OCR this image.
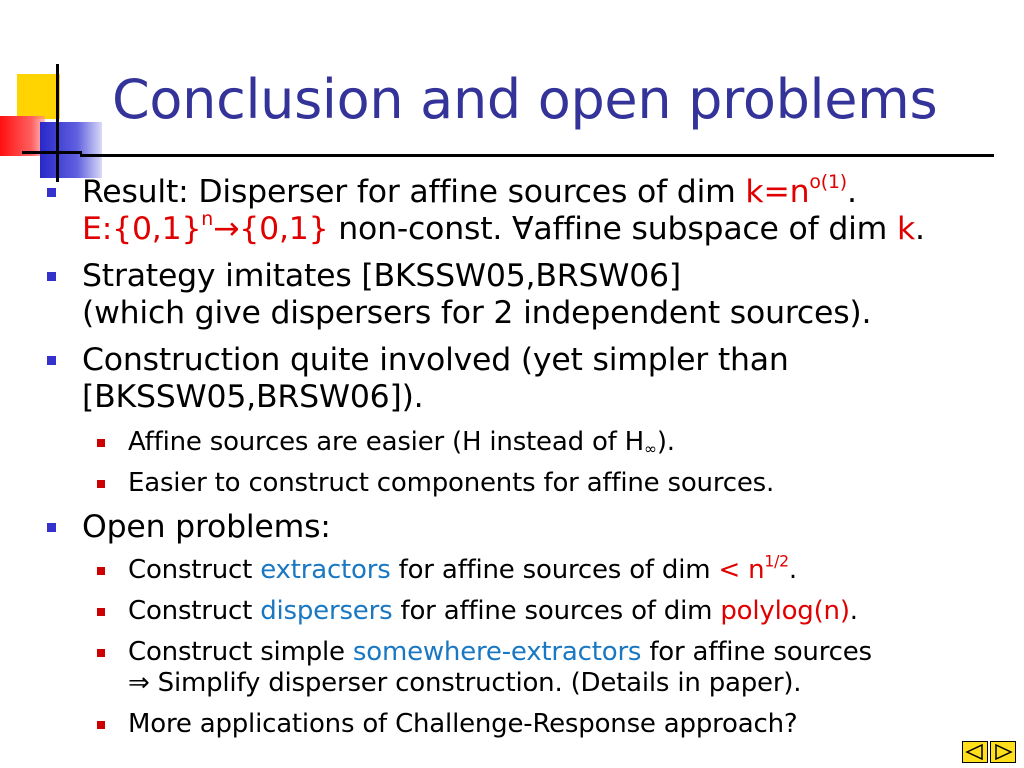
Conclusion and open problems
Result: Disperser for affine sources of dim $k=n^{o(1)}$.
$E:\{0,1\}^n\to\{0,1\}$ non-const. ∀affine subspace of dim k.
Strategy imitates [BKSSW05,BRSW06]
(which give dispersers for 2 independent sources).
Construction quite involved (yet simpler than
[BKSSW05,BRSW06]).
Affine sources are easier (H instead of $H_\infty$).
Easier to construct components for affine sources.
Open problems:
Construct extractors for affine sources of dim < $n^{1/2}$.
Construct dispersers for affine sources of dim polylog(n).
Construct simple somewhere-extractors for affine sources
⇒ Simplify disperser construction. (Details in paper).
More applications of Challenge-Response approach?
